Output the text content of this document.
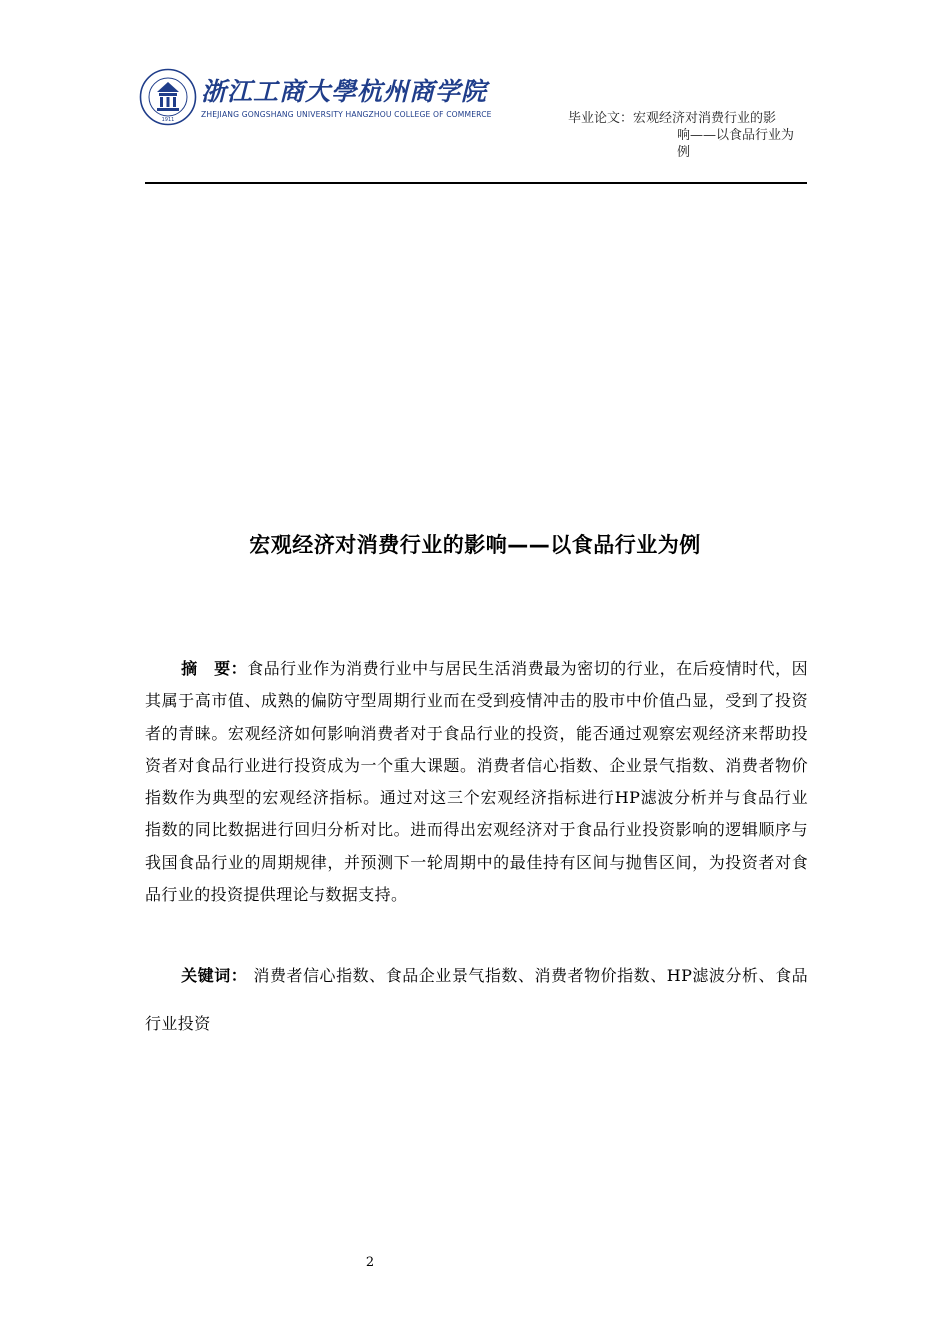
1911
浙江工商大學杭州商学院
ZHEJIANG GONGSHANG UNIVERSITY HANGZHOU COLLEGE OF COMMERCE	毕业论文：宏观经济对消费行业的影
响——以食品行业为
例
宏观经济对消费行业的影响——以食品行业为例
摘　要：食品行业作为消费行业中与居民生活消费最为密切的行业，在后疫情时代，因其属于高市值、成熟的偏防守型周期行业而在受到疫情冲击的股市中价值凸显，受到了投资者的青睐。宏观经济如何影响消费者对于食品行业的投资，能否通过观察宏观经济来帮助投资者对食品行业进行投资成为一个重大课题。消费者信心指数、企业景气指数、消费者物价指数作为典型的宏观经济指标。通过对这三个宏观经济指标进行HP滤波分析并与食品行业指数的同比数据进行回归分析对比。进而得出宏观经济对于食品行业投资影响的逻辑顺序与我国食品行业的周期规律，并预测下一轮周期中的最佳持有区间与抛售区间，为投资者对食品行业的投资提供理论与数据支持。
关键词： 消费者信心指数、食品企业景气指数、消费者物价指数、HP滤波分析、食品行业投资
2
